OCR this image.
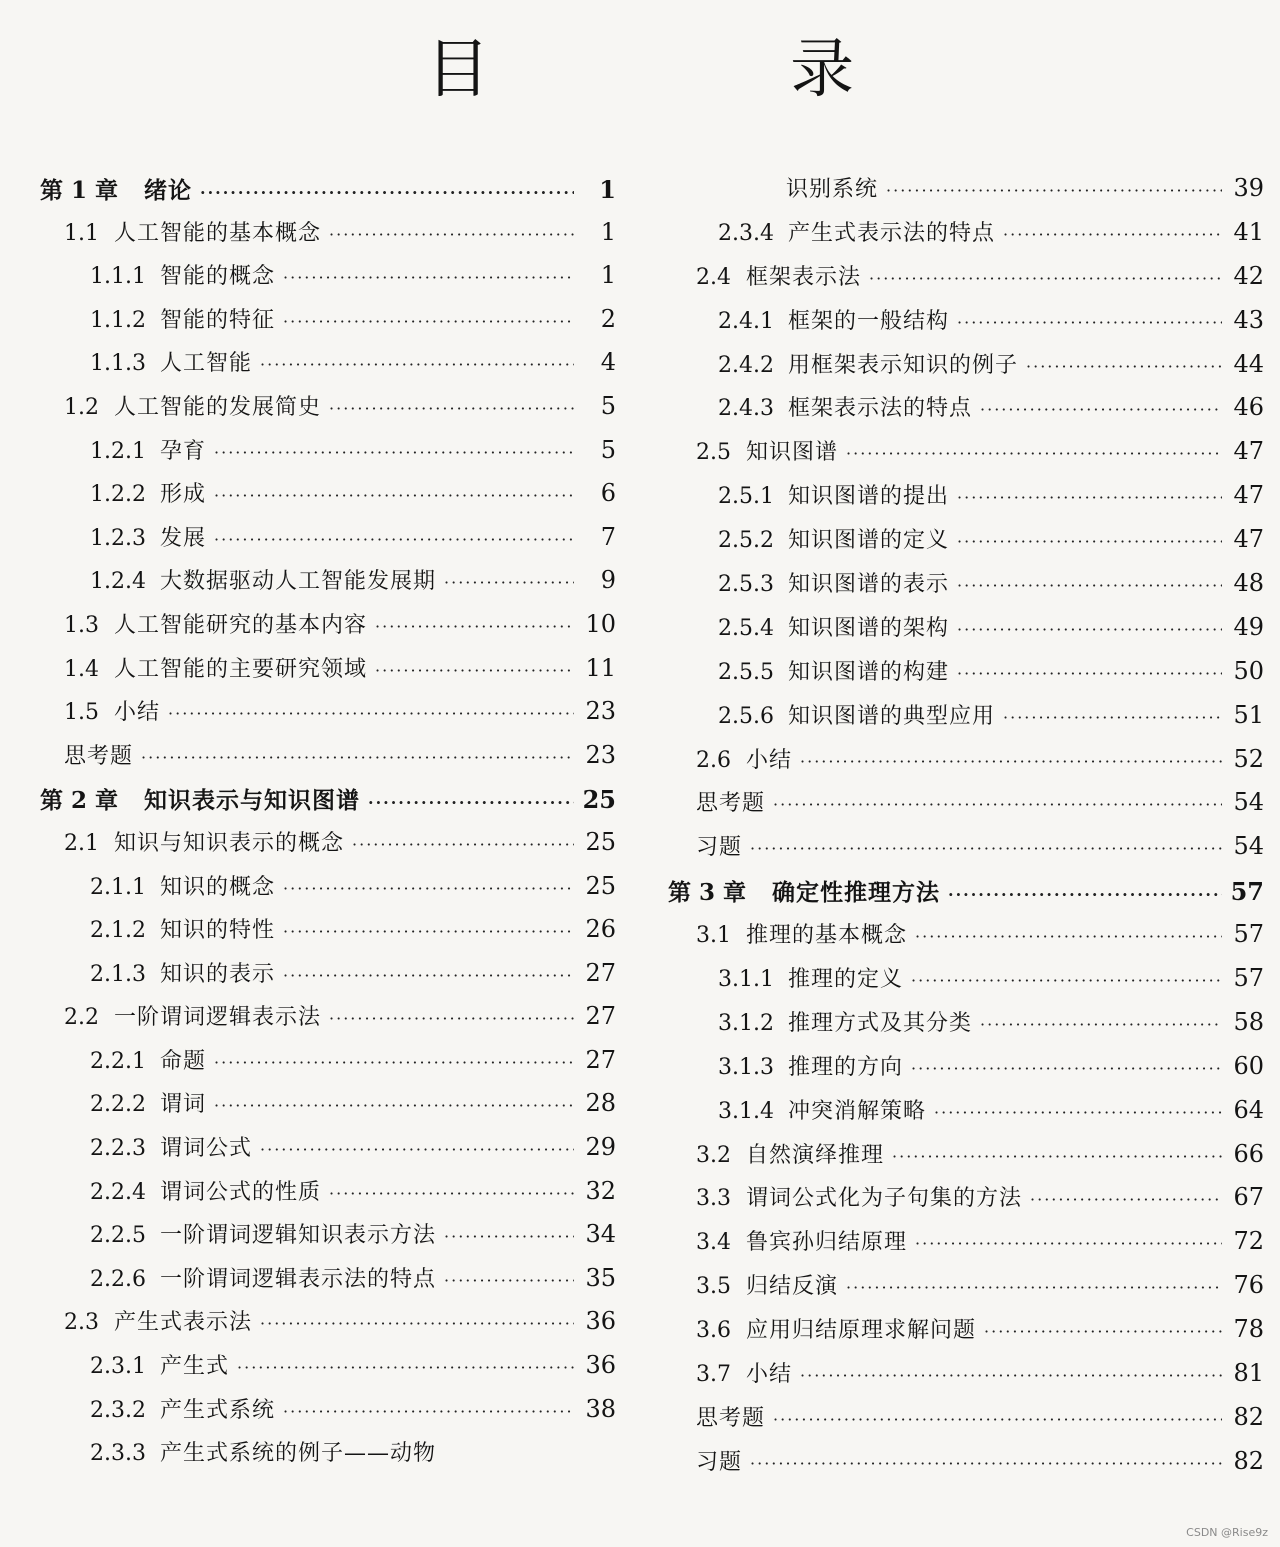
目 录
第 1 章	绪论 ·····	1
1.1 人工智能的基本概念 ·····	1
1.1.1 智能的概念 ·····	1
1.1.2 智能的特征 ·····	2
1.1.3 人工智能 ·····	4
1.2 人工智能的发展简史 ·····	5
1.2.1 孕育 ·····	5
1.2.2 形成 ·····	6
1.2.3 发展 ·····	7
1.2.4 大数据驱动人工智能发展期 ·····	9
1.3 人工智能研究的基本内容 ·····	10
1.4 人工智能的主要研究领域 ·····	11
1.5 小结 ·····	23
思考题 ·····	23
第 2 章	知识表示与知识图谱 ·····	25
2.1 知识与知识表示的概念 ·····	25
2.1.1 知识的概念 ·····	25
2.1.2 知识的特性 ·····	26
2.1.3 知识的表示 ·····	27
2.2 一阶谓词逻辑表示法 ·····	27
2.2.1 命题 ·····	27
2.2.2 谓词 ·····	28
2.2.3 谓词公式 ·····	29
2.2.4 谓词公式的性质 ·····	32
2.2.5 一阶谓词逻辑知识表示方法 ·····	34
2.2.6 一阶谓词逻辑表示法的特点 ·····	35
2.3 产生式表示法 ·····	36
2.3.1 产生式 ·····	36
2.3.2 产生式系统 ·····	38
2.3.3 产生式系统的例子——动物
识别系统 ·····	39
2.3.4 产生式表示法的特点 ·····	41
2.4 框架表示法 ·····	42
2.4.1 框架的一般结构 ·····	43
2.4.2 用框架表示知识的例子 ·····	44
2.4.3 框架表示法的特点 ·····	46
2.5 知识图谱 ·····	47
2.5.1 知识图谱的提出 ·····	47
2.5.2 知识图谱的定义 ·····	47
2.5.3 知识图谱的表示 ·····	48
2.5.4 知识图谱的架构 ·····	49
2.5.5 知识图谱的构建 ·····	50
2.5.6 知识图谱的典型应用 ·····	51
2.6 小结 ·····	52
思考题 ·····	54
习题 ·····	54
第 3 章	确定性推理方法 ·····	57
3.1 推理的基本概念 ·····	57
3.1.1 推理的定义 ·····	57
3.1.2 推理方式及其分类 ·····	58
3.1.3 推理的方向 ·····	60
3.1.4 冲突消解策略 ·····	64
3.2 自然演绎推理 ·····	66
3.3 谓词公式化为子句集的方法 ·····	67
3.4 鲁宾孙归结原理 ·····	72
3.5 归结反演 ·····	76
3.6 应用归结原理求解问题 ·····	78
3.7 小结 ·····	81
思考题 ·····	82
习题 ·····	82
CSDN @Rise9z
